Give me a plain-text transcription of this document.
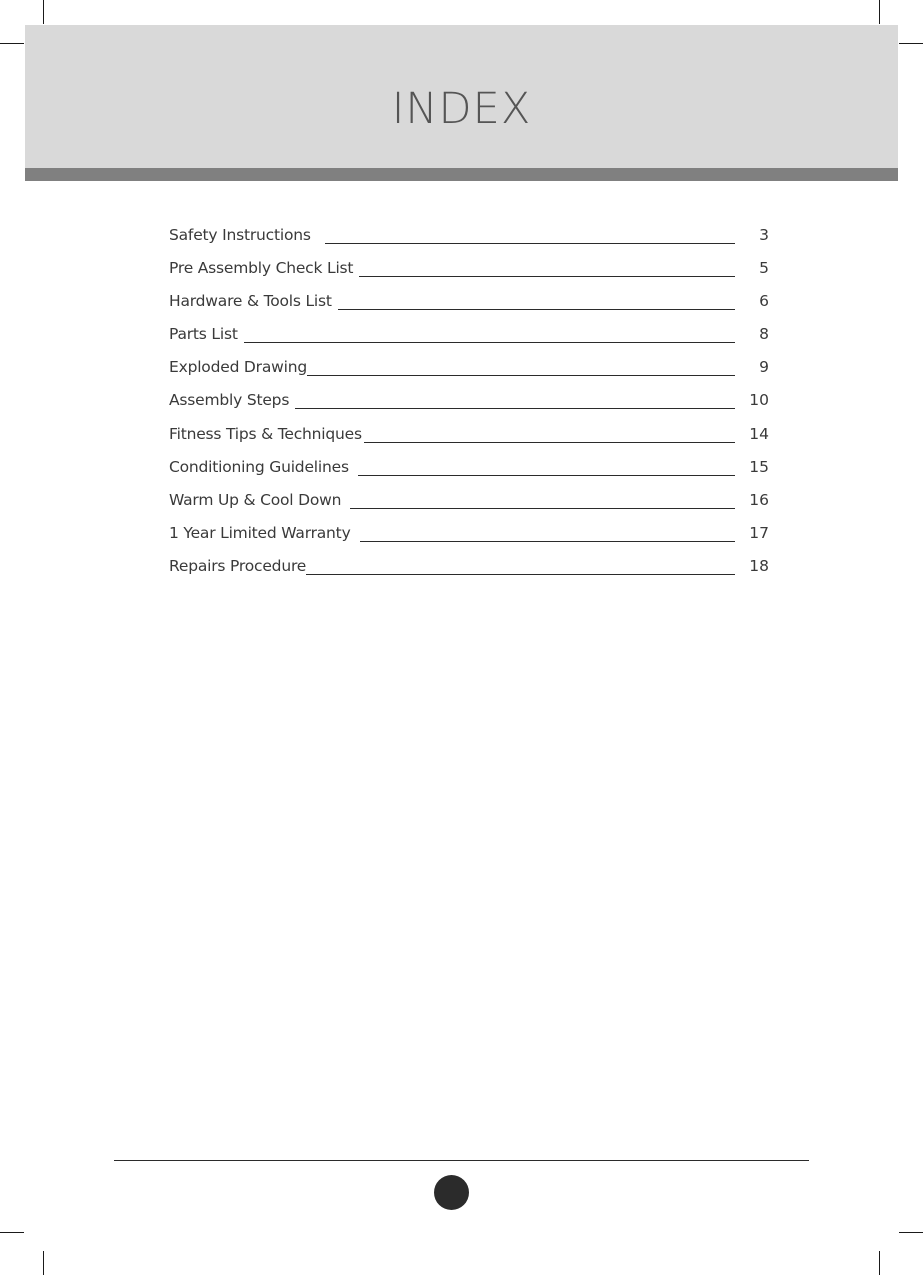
INDEX
Safety Instructions	3
Pre Assembly Check List	5
Hardware & Tools List	6
Parts List	8
Exploded Drawing	9
Assembly Steps	10
Fitness Tips & Techniques	14
Conditioning Guidelines	15
Warm Up & Cool Down	16
1 Year Limited Warranty	17
Repairs Procedure	18
